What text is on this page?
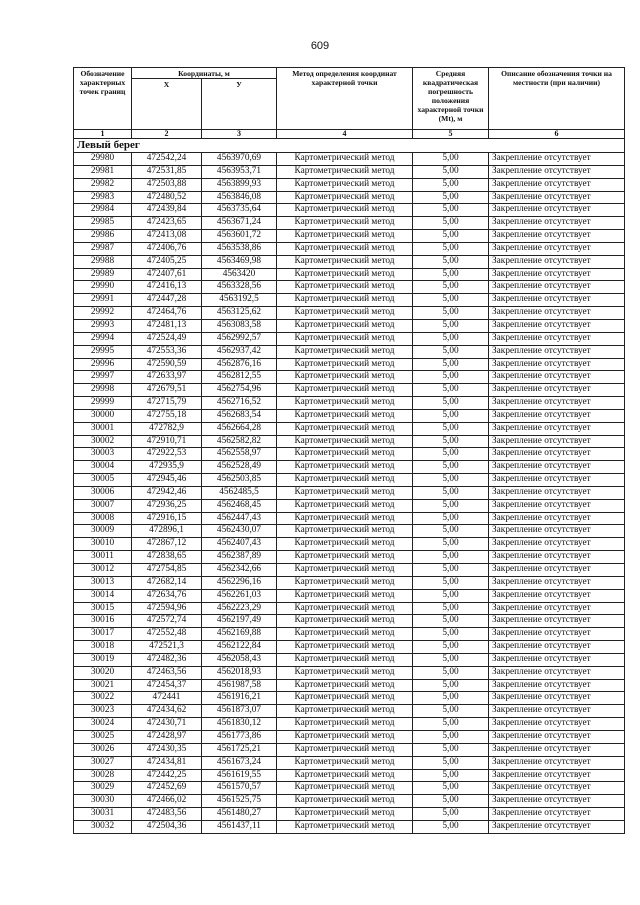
609
Обозначение характерных точек границ	Координаты, м		Метод определения координат характерной точки	Средняя квадратическая погрешность положения характерной точки (Mt), м	Описание обозначения точки на местности (при наличии)
	X	У			
1	2	3	4	5	6
Левый берег					
29980	472542,24	4563970,69	Картометрический метод	5,00	Закрепление отсутствует
29981	472531,85	4563953,71	Картометрический метод	5,00	Закрепление отсутствует
29982	472503,88	4563899,93	Картометрический метод	5,00	Закрепление отсутствует
29983	472480,52	4563846,08	Картометрический метод	5,00	Закрепление отсутствует
29984	472439,84	4563735,64	Картометрический метод	5,00	Закрепление отсутствует
29985	472423,65	4563671,24	Картометрический метод	5,00	Закрепление отсутствует
29986	472413,08	4563601,72	Картометрический метод	5,00	Закрепление отсутствует
29987	472406,76	4563538,86	Картометрический метод	5,00	Закрепление отсутствует
29988	472405,25	4563469,98	Картометрический метод	5,00	Закрепление отсутствует
29989	472407,61	4563420	Картометрический метод	5,00	Закрепление отсутствует
29990	472416,13	4563328,56	Картометрический метод	5,00	Закрепление отсутствует
29991	472447,28	4563192,5	Картометрический метод	5,00	Закрепление отсутствует
29992	472464,76	4563125,62	Картометрический метод	5,00	Закрепление отсутствует
29993	472481,13	4563083,58	Картометрический метод	5,00	Закрепление отсутствует
29994	472524,49	4562992,57	Картометрический метод	5,00	Закрепление отсутствует
29995	472553,36	4562937,42	Картометрический метод	5,00	Закрепление отсутствует
29996	472590,59	4562876,16	Картометрический метод	5,00	Закрепление отсутствует
29997	472633,97	4562812,55	Картометрический метод	5,00	Закрепление отсутствует
29998	472679,51	4562754,96	Картометрический метод	5,00	Закрепление отсутствует
29999	472715,79	4562716,52	Картометрический метод	5,00	Закрепление отсутствует
30000	472755,18	4562683,54	Картометрический метод	5,00	Закрепление отсутствует
30001	472782,9	4562664,28	Картометрический метод	5,00	Закрепление отсутствует
30002	472910,71	4562582,82	Картометрический метод	5,00	Закрепление отсутствует
30003	472922,53	4562558,97	Картометрический метод	5,00	Закрепление отсутствует
30004	472935,9	4562528,49	Картометрический метод	5,00	Закрепление отсутствует
30005	472945,46	4562503,85	Картометрический метод	5,00	Закрепление отсутствует
30006	472942,46	4562485,5	Картометрический метод	5,00	Закрепление отсутствует
30007	472936,25	4562468,45	Картометрический метод	5,00	Закрепление отсутствует
30008	472916,15	4562447,43	Картометрический метод	5,00	Закрепление отсутствует
30009	472896,1	4562430,07	Картометрический метод	5,00	Закрепление отсутствует
30010	472867,12	4562407,43	Картометрический метод	5,00	Закрепление отсутствует
30011	472838,65	4562387,89	Картометрический метод	5,00	Закрепление отсутствует
30012	472754,85	4562342,66	Картометрический метод	5,00	Закрепление отсутствует
30013	472682,14	4562296,16	Картометрический метод	5,00	Закрепление отсутствует
30014	472634,76	4562261,03	Картометрический метод	5,00	Закрепление отсутствует
30015	472594,96	4562223,29	Картометрический метод	5,00	Закрепление отсутствует
30016	472572,74	4562197,49	Картометрический метод	5,00	Закрепление отсутствует
30017	472552,48	4562169,88	Картометрический метод	5,00	Закрепление отсутствует
30018	472521,3	4562122,84	Картометрический метод	5,00	Закрепление отсутствует
30019	472482,36	4562058,43	Картометрический метод	5,00	Закрепление отсутствует
30020	472463,56	4562018,93	Картометрический метод	5,00	Закрепление отсутствует
30021	472454,37	4561987,58	Картометрический метод	5,00	Закрепление отсутствует
30022	472441	4561916,21	Картометрический метод	5,00	Закрепление отсутствует
30023	472434,62	4561873,07	Картометрический метод	5,00	Закрепление отсутствует
30024	472430,71	4561830,12	Картометрический метод	5,00	Закрепление отсутствует
30025	472428,97	4561773,86	Картометрический метод	5,00	Закрепление отсутствует
30026	472430,35	4561725,21	Картометрический метод	5,00	Закрепление отсутствует
30027	472434,81	4561673,24	Картометрический метод	5,00	Закрепление отсутствует
30028	472442,25	4561619,55	Картометрический метод	5,00	Закрепление отсутствует
30029	472452,69	4561570,57	Картометрический метод	5,00	Закрепление отсутствует
30030	472466,02	4561525,75	Картометрический метод	5,00	Закрепление отсутствует
30031	472483,56	4561480,27	Картометрический метод	5,00	Закрепление отсутствует
30032	472504,36	4561437,11	Картометрический метод	5,00	Закрепление отсутствует
